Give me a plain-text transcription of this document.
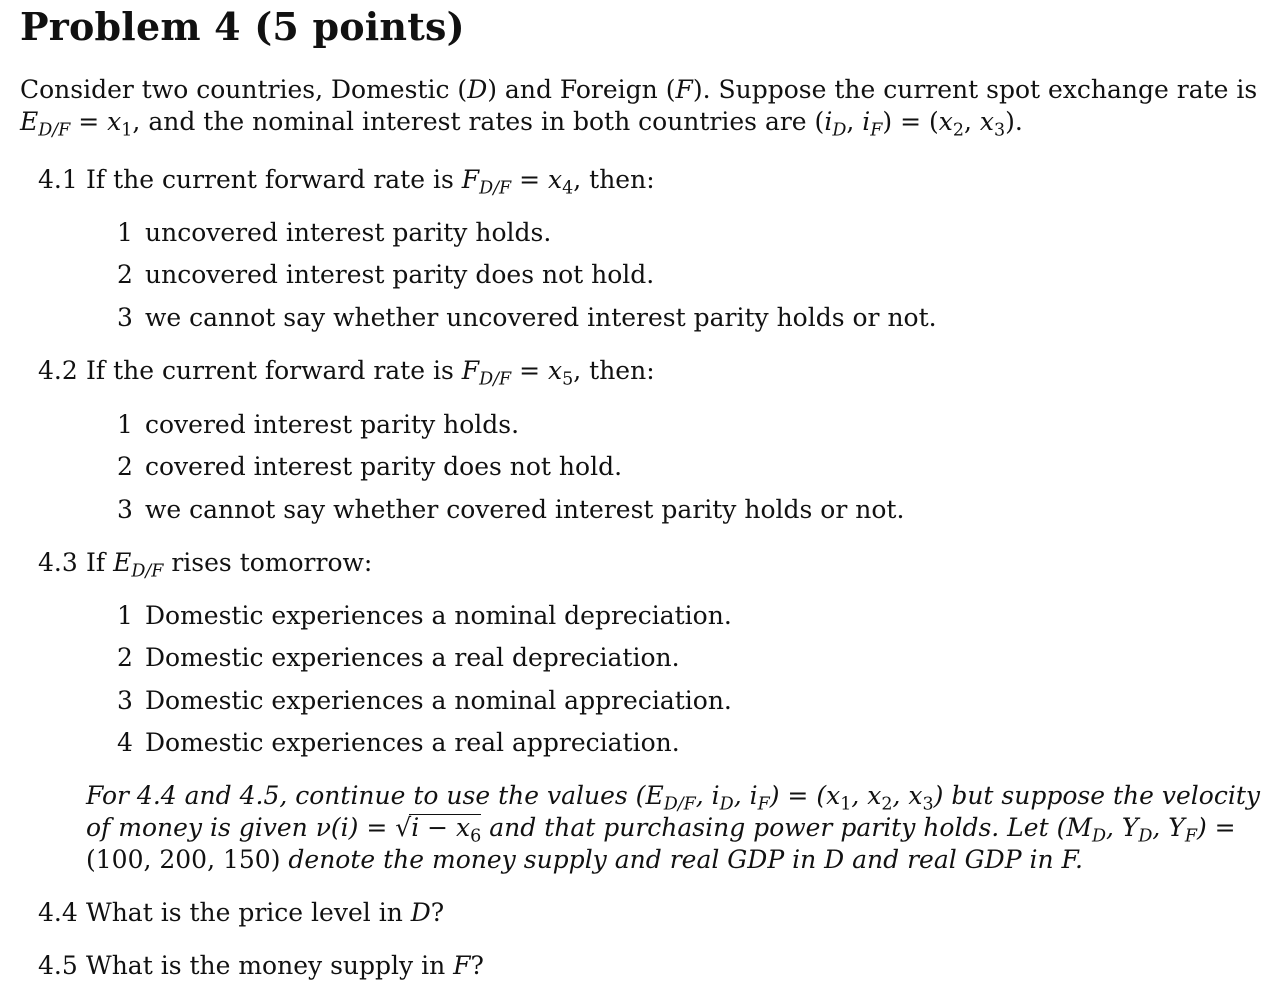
Problem 4 (5 points)
Consider two countries, Domestic (D) and Foreign (F). Suppose the current spot exchange rate is
$E_{D/F} = x_1$, and the nominal interest rates in both countries are ($i_D$, $i_F) = (x_2$, $x_3$).
4.1 If the current forward rate is $F_{D/F} = x_4$, then:
1 uncovered interest parity holds.
2 uncovered interest parity does not hold.
3 we cannot say whether uncovered interest parity holds or not.
4.2 If the current forward rate is $F_{D/F} = x_5$, then:
1 covered interest parity holds.
2 covered interest parity does not hold.
3 we cannot say whether covered interest parity holds or not.
4.3 If $E_{D/F}$ rises tomorrow:
1 Domestic experiences a nominal depreciation.
2 Domestic experiences a real depreciation.
3 Domestic experiences a nominal appreciation.
4 Domestic experiences a real appreciation.
For 4.4 and 4.5, continue to use the values ($E_{D/F}$, $i_D$, $i_F) = (x_1$, $x_2$, $x_3$) but suppose the velocity
of money is given $\nu(i) = √i - x_6$ and that purchasing power parity holds. Let ($M_D$, $Y_D$, $Y_F$) =
(100, 200, 150) denote the money supply and real GDP in D and real GDP in F.
4.4 What is the price level in D?
4.5 What is the money supply in F?
